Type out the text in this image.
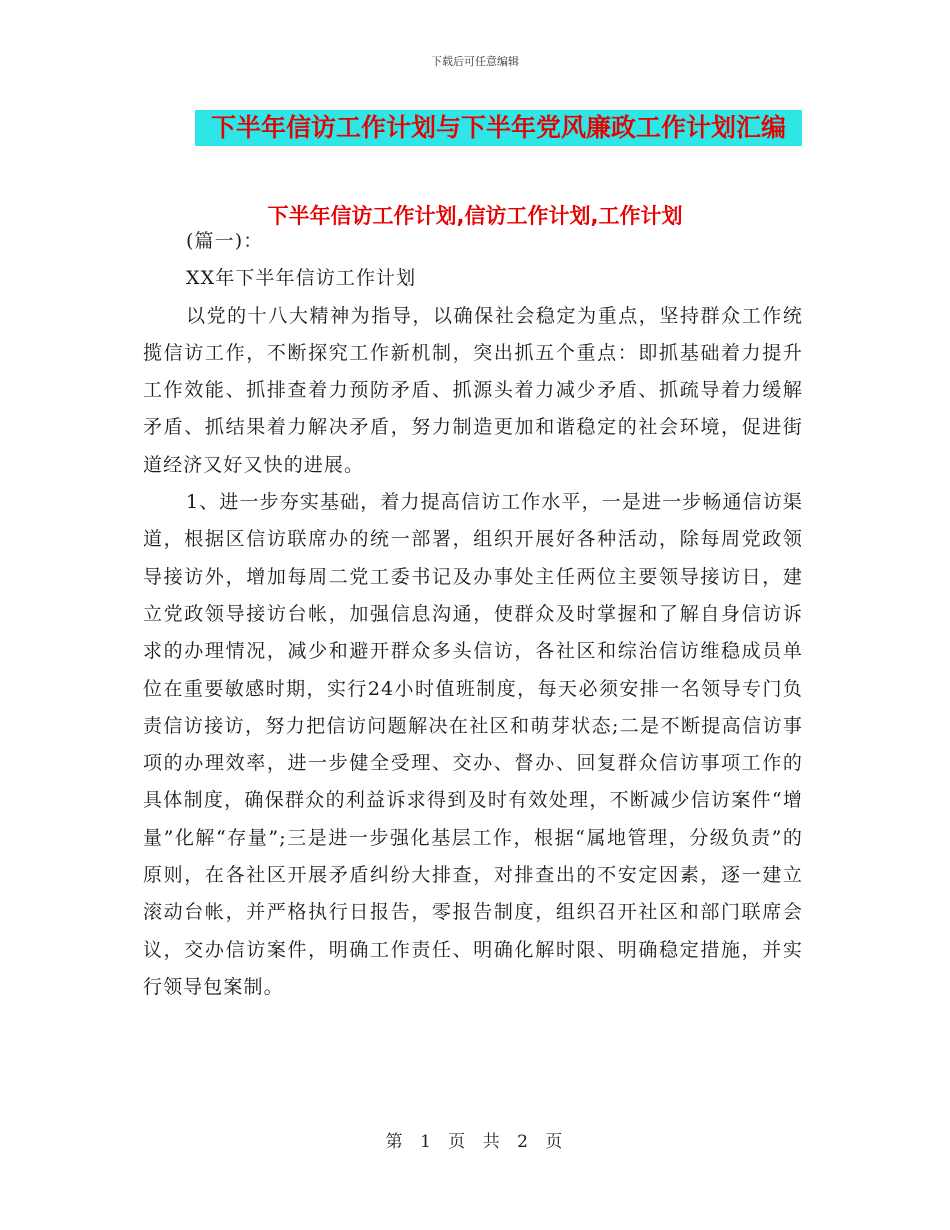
下载后可任意编辑
下半年信访工作计划与下半年党风廉政工作计划汇编
下半年信访工作计划,信访工作计划,工作计划

(篇一)：

XX年下半年信访工作计划

以党的十八大精神为指导，以确保社会稳定为重点，坚持群众工作统揽信访工作，不断探究工作新机制，突出抓五个重点：即抓基础着力提升工作效能、抓排查着力预防矛盾、抓源头着力减少矛盾、抓疏导着力缓解矛盾、抓结果着力解决矛盾，努力制造更加和谐稳定的社会环境，促进街道经济又好又快的进展。

1、进一步夯实基础，着力提高信访工作水平，一是进一步畅通信访渠道，根据区信访联席办的统一部署，组织开展好各种活动，除每周党政领导接访外，增加每周二党工委书记及办事处主任两位主要领导接访日，建立党政领导接访台帐，加强信息沟通，使群众及时掌握和了解自身信访诉求的办理情况，减少和避开群众多头信访，各社区和综治信访维稳成员单位在重要敏感时期，实行24小时值班制度，每天必须安排一名领导专门负责信访接访，努力把信访问题解决在社区和萌芽状态;二是不断提高信访事项的办理效率，进一步健全受理、交办、督办、回复群众信访事项工作的具体制度，确保群众的利益诉求得到及时有效处理，不断减少信访案件“增量”化解“存量”;三是进一步强化基层工作，根据“属地管理，分级负责”的原则，在各社区开展矛盾纠纷大排查，对排查出的不安定因素，逐一建立滚动台帐，并严格执行日报告，零报告制度，组织召开社区和部门联席会议，交办信访案件，明确工作责任、明确化解时限、明确稳定措施，并实行领导包案制。

第 1 页 共 2 页
